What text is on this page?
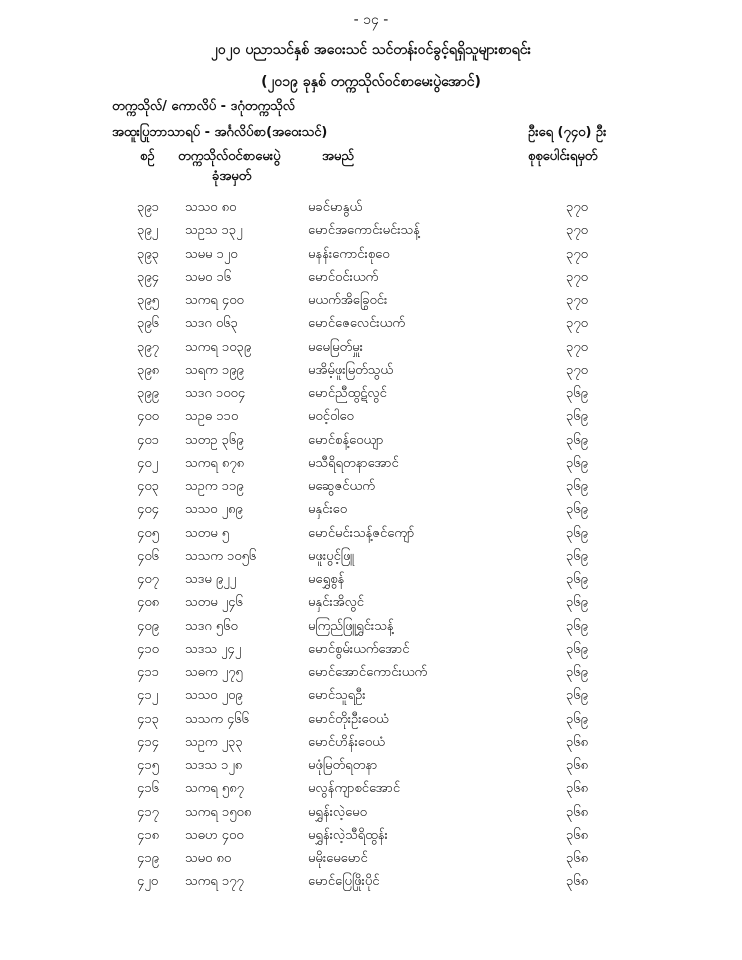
- ၁၄ -
၂၀၂၀ ပညာသင်နှစ် အဝေးသင် သင်တန်းဝင်ခွင့်ရရှိသူများစာရင်း
(၂၀၁၉ ခုနှစ် တက္ကသိုလ်ဝင်စာမေးပွဲအောင်)
တက္ကသိုလ်/ ကောလိပ် - ဒဂုံတက္ကသိုလ်
အထူးပြုဘာသာရပ် - အင်္ဂလိပ်စာ(အဝေးသင်)	ဦးရေ (၇၄၀) ဦး
စဉ် တက္ကသိုလ်ဝင်စာမေးပွဲ
ခုံအမှတ်
အမည်	စုစုပေါင်းရမှတ်
၃၉၁ သသ၀ ၈၀	မခင်မာနွယ်	၃၇၀
၃၉၂ သဥသ ၁၃၂	မောင်အကောင်းမင်းသန့်	၃၇၀
၃၉၃ သမမ ၁၂၀	မနန်းကောင်းစုဝေ	၃၇၀
၃၉၄ သမ၀ ၁၆	မောင်ဝင်းယက်	၃၇၀
၃၉၅ သကရ ၄၀၀	မယက်အိခြွေဝင်း	၃၇၀
၃၉၆ သဒဂ ၀၆၃	မောင်ဇေလေင်းယက်	၃၇၀
၃၉၇ သကရ ၁၀၃၉	မမေမြတ်မှူး	၃၇၀
၃၉၈ သရက ၁၉၉	မအိမ့်ဖူးမြတ်သွယ်	၃၇၀
၃၉၉ သဒဂ ၁၀၀၄	မောင်ညီထွဋ်လွင်	၃၆၉
၄၀၀ သဥဓ ၁၁၀	မဝင့်ဝါဝေ	၃၆၉
၄၀၁ သတဥ ၃၆၉	မောင်စန့်ဝေယျာ	၃၆၉
၄၀၂ သကရ ၈၇၈	မသီရိရတနာအောင်	၃၆၉
၄၀၃ သဥက ၁၁၉	မဆွေဇင်ယက်	၃၆၉
၄၀၄ သသ၀ ၂၈၉	မနှင်းဝေ	၃၆၉
၄၀၅ သတမ ၅	မောင်မင်းသန့်ဇင်ကျော်	၃၆၉
၄၀၆ သသက ၁၀၅၆	မဖူးပွင့်ဖြူ	၃၆၉
၄၀၇ သဒမ ၉၂၂	မရွှေစွန်	၃၆၉
၄၀၈ သတမ ၂၄၆	မနှင်းအိလွင်	၃၆၉
၄၀၉ သဒဂ ၅၆၀	မကြည်ဖြူရွှင်းသန့်	၃၆၉
၄၁၀ သဒသ ၂၄၂	မောင်စွမ်းယက်အောင်	၃၆၉
၄၁၁ သဓက ၂၇၅	မောင်အောင်ကောင်းယက်	၃၆၉
၄၁၂ သသ၀ ၂၀၉	မောင်သူရဦး	၃၆၉
၄၁၃ သသက ၄၆၆	မောင်တိုးဦးဝေယံ	၃၆၉
၄၁၄ သဥက ၂၃၃	မောင်ဟိန်းဝေယံ	၃၆၈
၄၁၅ သဒသ ၁၂၈	မဖုံမြတ်ရတနာ	၃၆၈
၄၁၆ သကရ ၅၈၇	မလွန်ကျာစင်အောင်	၃၆၈
၄၁၇ သကရ ၁၅၀၈	မရွှန်းလဲ့မေဝ	၃၆၈
၄၁၈ သဓဟ ၄၀၀	မရွှန်းလဲ့သီရိထွန်း	၃၆၈
၄၁၉ သမ၀ ၈၀	မမိုးမေမောင်	၃၆၈
၄၂၀ သကရ ၁၇၇	မောင်ပြေဖြိုးပိုင်	၃၆၈
